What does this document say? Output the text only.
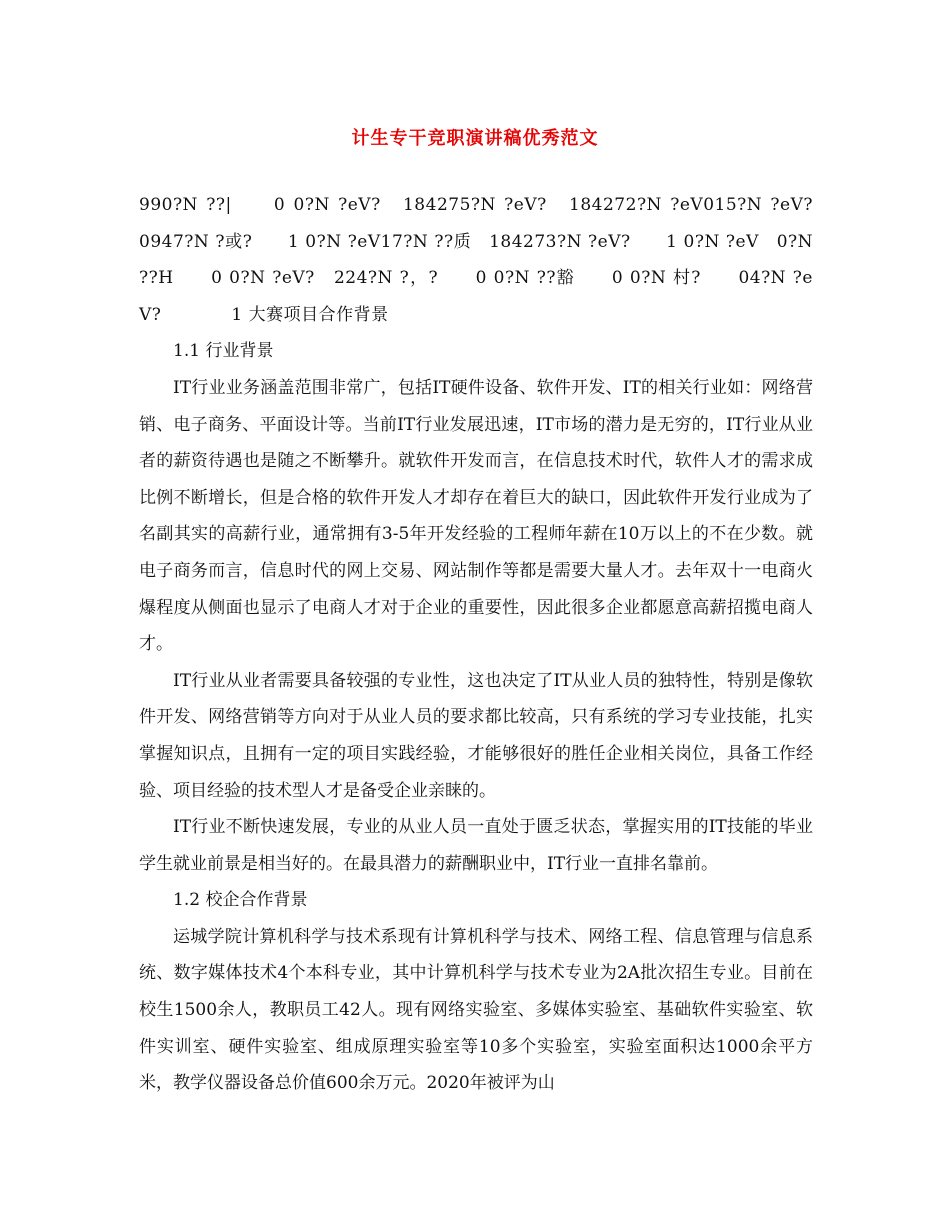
计生专干竞职演讲稿优秀范文

990?N ??|　　0 0?N ?eV?　184275?N ?eV?　184272?N ?eV015?N ?eV?　　0947?N ?或?　　1 0?N ?eV17?N ??质　184273?N ?eV?　　1 0?N ?eV　0?N ??H　　0 0?N ?eV?　224?N ?，?　　0 0?N ??豁　　0 0?N 村?　　04?N ?eV?　　　　1 大赛项目合作背景

1.1 行业背景

IT行业业务涵盖范围非常广，包括IT硬件设备、软件开发、IT的相关行业如：网络营销、电子商务、平面设计等。当前IT行业发展迅速，IT市场的潜力是无穷的，IT行业从业者的薪资待遇也是随之不断攀升。就软件开发而言，在信息技术时代，软件人才的需求成比例不断增长，但是合格的软件开发人才却存在着巨大的缺口，因此软件开发行业成为了名副其实的高薪行业，通常拥有3-5年开发经验的工程师年薪在10万以上的不在少数。就电子商务而言，信息时代的网上交易、网站制作等都是需要大量人才。去年双十一电商火爆程度从侧面也显示了电商人才对于企业的重要性，因此很多企业都愿意高薪招揽电商人才。

IT行业从业者需要具备较强的专业性，这也决定了IT从业人员的独特性，特别是像软件开发、网络营销等方向对于从业人员的要求都比较高，只有系统的学习专业技能，扎实掌握知识点，且拥有一定的项目实践经验，才能够很好的胜任企业相关岗位，具备工作经验、项目经验的技术型人才是备受企业亲睐的。

IT行业不断快速发展，专业的从业人员一直处于匮乏状态，掌握实用的IT技能的毕业学生就业前景是相当好的。在最具潜力的薪酬职业中，IT行业一直排名靠前。

1.2 校企合作背景

运城学院计算机科学与技术系现有计算机科学与技术、网络工程、信息管理与信息系统、数字媒体技术4个本科专业，其中计算机科学与技术专业为2A批次招生专业。目前在校生1500余人，教职员工42人。现有网络实验室、多媒体实验室、基础软件实验室、软件实训室、硬件实验室、组成原理实验室等10多个实验室，实验室面积达1000余平方米，教学仪器设备总价值600余万元。2020年被评为山
